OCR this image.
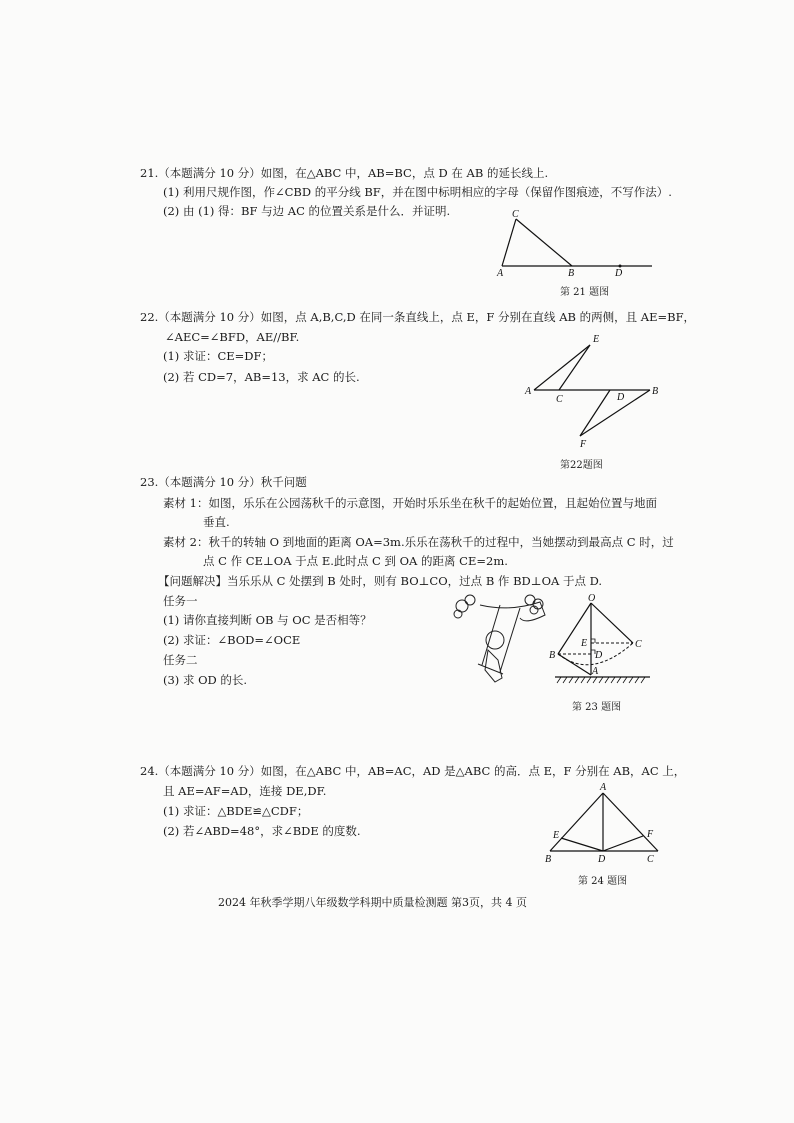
21.（本题满分 10 分）如图，在△ABC 中，AB=BC，点 D 在 AB 的延长线上.
(1) 利用尺规作图，作∠CBD 的平分线 BF，并在图中标明相应的字母（保留作图痕迹，不写作法）.
(2) 由 (1) 得：BF 与边 AC 的位置关系是什么．并证明.	C
A	B	D
第 21 题图
22.（本题满分 10 分）如图，点 A,B,C,D 在同一条直线上，点 E，F 分别在直线 AB 的两侧，且 AE=BF，
∠AEC=∠BFD，AE//BF.
(1) 求证：CE=DF；
(2) 若 CD=7，AB=13，求 AC 的长.
E
A
C	D
B
F
第22题图
23.（本题满分 10 分）秋千问题
素材 1：如图，乐乐在公园荡秋千的示意图，开始时乐乐坐在秋千的起始位置，且起始位置与地面
垂直.
素材 2：秋千的转轴 O 到地面的距离 OA=3m.乐乐在荡秋千的过程中，当她摆动到最高点 C 时，过
点 C 作 CE⊥OA 于点 E.此时点 C 到 OA 的距离 CE=2m.
【问题解决】当乐乐从 C 处摆到 B 处时，则有 BO⊥CO，过点 B 作 BD⊥OA 于点 D.
任务一
(1) 请你直接判断 OB 与 OC 是否相等？
(2) 求证：∠BOD=∠OCE
任务二
(3) 求 OD 的长.
O
E	C
B	D
A
第 23 题图
24.（本题满分 10 分）如图，在△ABC 中，AB=AC，AD 是△ABC 的高．点 E，F 分别在 AB，AC 上，
且 AE=AF=AD，连接 DE,DF.
(1) 求证：△BDE≌△CDF；
(2) 若∠ABD=48°，求∠BDE 的度数.
A
E	F
B	D	C
第 24 题图
2024 年秋季学期八年级数学科期中质量检测题 第3页，共 4 页
